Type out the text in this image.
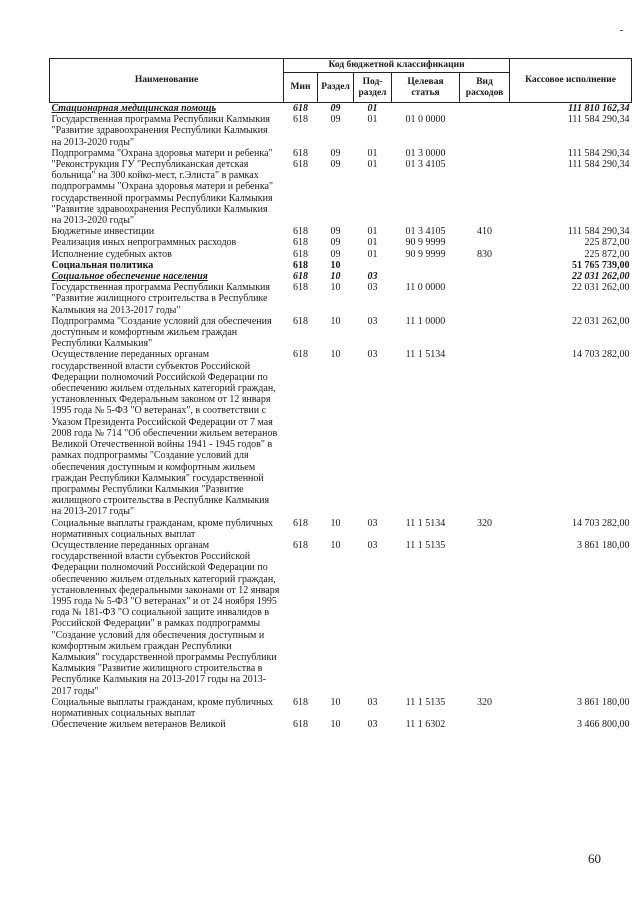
Наименование	Код бюджетной классификации					Кассовое исполнение
	Мин	Раздел	Под-раздел	Целевая статья	Вид расходов	
Стационарная медицинская помощь	618	09	01			111 810 162,34
Государственная программа Республики Калмыкия "Развитие здравоохранения Республики Калмыкия на 2013-2020 годы"	618	09	01	01 0 0000		111 584 290,34
Подпрограмма "Охрана здоровья матери и ребенка"	618	09	01	01 3 0000		111 584 290,34
"Реконструкция ГУ "Республиканская детская больница" на 300 койко-мест, г.Элиста" в рамках подпрограммы "Охрана здоровья матери и ребенка" государственной программы Республики Калмыкия "Развитие здравоохранения Республики Калмыкия на 2013-2020 годы"	618	09	01	01 3 4105		111 584 290,34
Бюджетные инвестиции	618	09	01	01 3 4105	410	111 584 290,34
Реализация иных непрограммных расходов	618	09	01	90 9 9999		225 872,00
Исполнение судебных актов	618	09	01	90 9 9999	830	225 872,00
Социальная политика	618	10				51 765 739,00
Социальное обеспечение населения	618	10	03			22 031 262,00
Государственная программа Республики Калмыкия "Развитие жилищного строительства в Республике Калмыкия на 2013-2017 годы"	618	10	03	11 0 0000		22 031 262,00
Подпрограмма "Создание условий для обеспечения доступным и комфортным жильем граждан Республики Калмыкия"	618	10	03	11 1 0000		22 031 262,00
Осуществление переданных органам государственной власти субъектов Российской Федерации полномочий Российской Федерации по обеспечению жильем отдельных категорий граждан, установленных Федеральным законом от 12 января 1995 года № 5-ФЗ "О ветеранах", в соответствии с Указом Президента Российской Федерации от 7 мая 2008 года № 714 "Об обеспечении жильем ветеранов Великой Отечественной войны 1941 - 1945 годов" в рамках подпрограммы "Создание условий для обеспечения доступным и комфортным жильем граждан Республики Калмыкия" государственной программы Республики Калмыкия "Развитие жилищного строительства в Республике Калмыкия на 2013-2017 годы"	618	10	03	11 1 5134		14 703 282,00
Социальные выплаты гражданам, кроме публичных нормативных социальных выплат	618	10	03	11 1 5134	320	14 703 282,00
Осуществление переданных органам государственной власти субъектов Российской Федерации полномочий Российской Федерации по обеспечению жильем отдельных категорий граждан, установленных федеральными законами от 12 января 1995 года № 5-ФЗ "О ветеранах" и от 24 ноября 1995 года № 181-ФЗ "О социальной защите инвалидов в Российской Федерации" в рамках подпрограммы "Создание условий для обеспечения доступным и комфортным жильем граждан Республики Калмыкия" государственной программы Республики Калмыкия "Развитие жилищного строительства в Республике Калмыкия на 2013-2017 годы на 2013-2017 годы"	618	10	03	11 1 5135		3 861 180,00
Социальные выплаты гражданам, кроме публичных нормативных социальных выплат	618	10	03	11 1 5135	320	3 861 180,00
Обеспечение жильем ветеранов Великой	618	10	03	11 1 6302		3 466 800,00
60
